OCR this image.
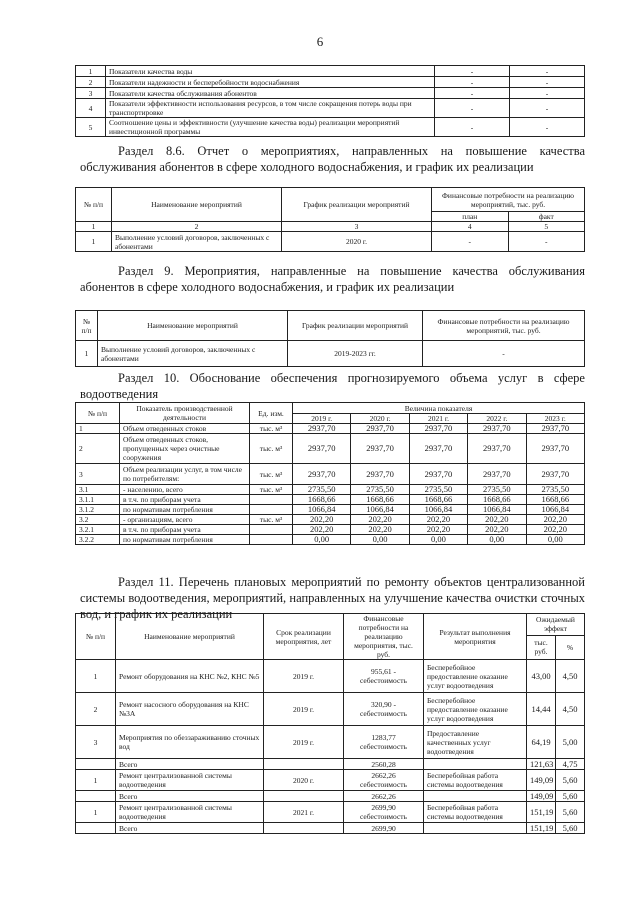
6
1	Показатели качества воды	-	-
2	Показатели надежности и бесперебойности водоснабжения	-	-
3	Показатели качества обслуживания абонентов	-	-
4	Показатели эффективности использования ресурсов, в том числе сокращения потерь воды при транспортировке	-	-
5	Соотношение цены и эффективности (улучшение качества воды) реализации мероприятий инвестиционной программы	-	-
Раздел 8.6. Отчет о мероприятиях, направленных на повышение качества обслуживания абонентов в сфере холодного водоснабжения, и график их реализации
№ п/п	Наименование мероприятий	График реализации мероприятий	Финансовые потребности на реализацию мероприятий, тыс. руб.	
			план	факт
1	2	3	4	5
1	Выполнение условий договоров, заключенных с абонентами	2020 г.	-	-
Раздел 9. Мероприятия, направленные на повышение качества обслуживания абонентов в сфере холодного водоснабжения, и график их реализации
№ п/п	Наименование мероприятий	График реализации мероприятий	Финансовые потребности на реализацию мероприятий, тыс. руб.
1	Выполнение условий договоров, заключенных с абонентами	2019-2023 гг.	-
Раздел 10. Обоснование обеспечения прогнозируемого объема услуг в сфере водоотведения
№ п/п	Показатель производственной деятельности	Ед. изм.	Величина показателя				
			2019 г.	2020 г.	2021 г.	2022 г.	2023 г.
1	Объем отведенных стоков	тыс. м³	2937,70	2937,70	2937,70	2937,70	2937,70
2	Объем отведенных стоков, пропущенных через очистные сооружения	тыс. м³	2937,70	2937,70	2937,70	2937,70	2937,70
3	Объем реализации услуг, в том числе по потребителям:	тыс. м³	2937,70	2937,70	2937,70	2937,70	2937,70
3.1	- населению, всего	тыс. м³	2735,50	2735,50	2735,50	2735,50	2735,50
3.1.1	в т.ч. по приборам учета		1668,66	1668,66	1668,66	1668,66	1668,66
3.1.2	по нормативам потребления		1066,84	1066,84	1066,84	1066,84	1066,84
3.2	- организациям, всего	тыс. м³	202,20	202,20	202,20	202,20	202,20
3.2.1	в т.ч. по приборам учета		202,20	202,20	202,20	202,20	202,20
3.2.2	по нормативам потребления		0,00	0,00	0,00	0,00	0,00
Раздел 11. Перечень плановых мероприятий по ремонту объектов централизованной системы водоотведения, мероприятий, направленных на улучшение качества очистки сточных вод, и график их реализации
№ п/п	Наименование мероприятий	Срок реализации мероприятия, лет	Финансовые потребности на реализацию мероприятия, тыс. руб.	Результат выполнения мероприятия	Ожидаемый эффект	
					тыс. руб.	%
1	Ремонт оборудования на КНС №2, КНС №5	2019 г.	955,61 - себестоимость	Бесперебойное предоставление оказание услуг водоотведения	43,00	4,50
2	Ремонт насосного оборудования на КНС №3А	2019 г.	320,90 - себестоимость	Бесперебойное предоставление оказание услуг водоотведения	14,44	4,50
3	Мероприятия по обеззараживанию сточных вод	2019 г.	1283,77 себестоимость	Предоставление качественных услуг водоотведения	64,19	5,00
	Всего		2560,28		121,63	4,75
1	Ремонт централизованной системы водоотведения	2020 г.	2662,26 себестоимость	Бесперебойная работа системы водоотведения	149,09	5,60
	Всего		2662,26		149,09	5,60
1	Ремонт централизованной системы водоотведения	2021 г.	2699,90 себестоимость	Бесперебойная работа системы водоотведения	151,19	5,60
	Всего		2699,90		151,19	5,60
